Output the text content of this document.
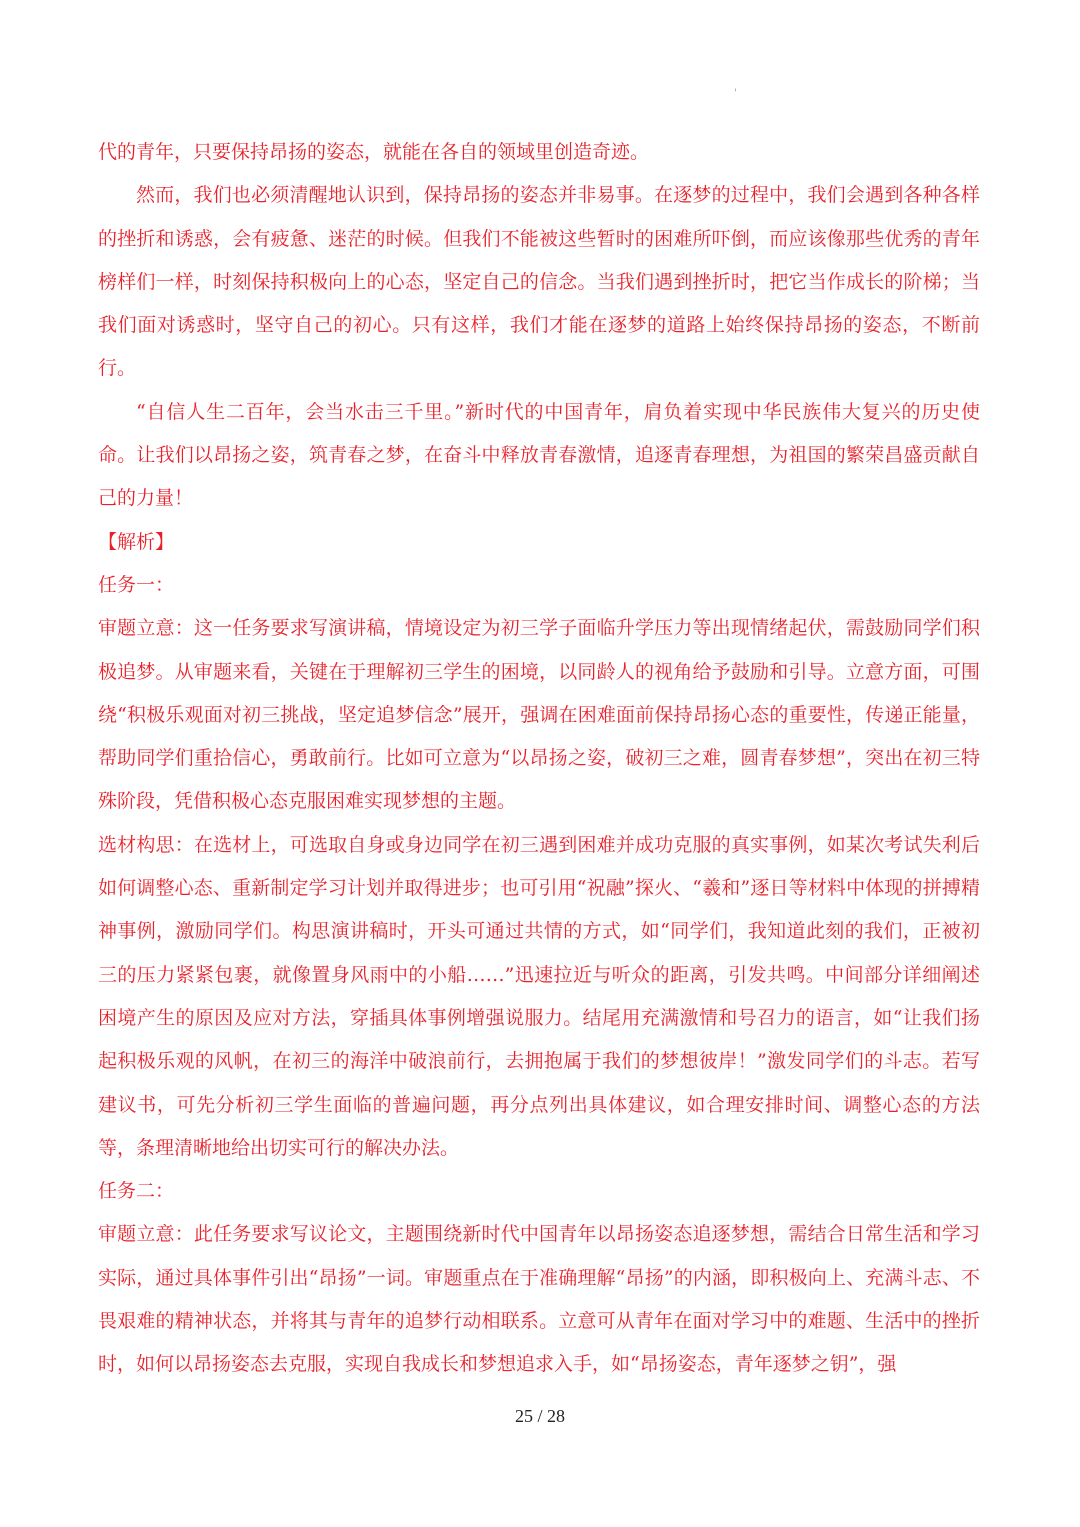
'

代的青年，只要保持昂扬的姿态，就能在各自的领域里创造奇迹。

然而，我们也必须清醒地认识到，保持昂扬的姿态并非易事。在逐梦的过程中，我们会遇到各种各样的挫折和诱惑，会有疲惫、迷茫的时候。但我们不能被这些暂时的困难所吓倒，而应该像那些优秀的青年榜样们一样，时刻保持积极向上的心态，坚定自己的信念。当我们遇到挫折时，把它当作成长的阶梯；当我们面对诱惑时，坚守自己的初心。只有这样，我们才能在逐梦的道路上始终保持昂扬的姿态，不断前行。

“自信人生二百年，会当水击三千里。”新时代的中国青年，肩负着实现中华民族伟大复兴的历史使命。让我们以昂扬之姿，筑青春之梦，在奋斗中释放青春激情，追逐青春理想，为祖国的繁荣昌盛贡献自己的力量！

【解析】

任务一：

审题立意：这一任务要求写演讲稿，情境设定为初三学子面临升学压力等出现情绪起伏，需鼓励同学们积极追梦。从审题来看，关键在于理解初三学生的困境，以同龄人的视角给予鼓励和引导。立意方面，可围绕“积极乐观面对初三挑战，坚定追梦信念”展开，强调在困难面前保持昂扬心态的重要性，传递正能量，帮助同学们重拾信心，勇敢前行。比如可立意为“以昂扬之姿，破初三之难，圆青春梦想”，突出在初三特殊阶段，凭借积极心态克服困难实现梦想的主题。

选材构思：在选材上，可选取自身或身边同学在初三遇到困难并成功克服的真实事例，如某次考试失利后如何调整心态、重新制定学习计划并取得进步；也可引用“祝融”探火、“羲和”逐日等材料中体现的拼搏精神事例，激励同学们。构思演讲稿时，开头可通过共情的方式，如“同学们，我知道此刻的我们，正被初三的压力紧紧包裹，就像置身风雨中的小船……”迅速拉近与听众的距离，引发共鸣。中间部分详细阐述困境产生的原因及应对方法，穿插具体事例增强说服力。结尾用充满激情和号召力的语言，如“让我们扬起积极乐观的风帆，在初三的海洋中破浪前行，去拥抱属于我们的梦想彼岸！”激发同学们的斗志。若写建议书，可先分析初三学生面临的普遍问题，再分点列出具体建议，如合理安排时间、调整心态的方法等，条理清晰地给出切实可行的解决办法。

任务二：

审题立意：此任务要求写议论文，主题围绕新时代中国青年以昂扬姿态追逐梦想，需结合日常生活和学习实际，通过具体事件引出“昂扬”一词。审题重点在于准确理解“昂扬”的内涵，即积极向上、充满斗志、不畏艰难的精神状态，并将其与青年的追梦行动相联系。立意可从青年在面对学习中的难题、生活中的挫折时，如何以昂扬姿态去克服，实现自我成长和梦想追求入手，如“昂扬姿态，青年逐梦之钥”，强

25 / 28
